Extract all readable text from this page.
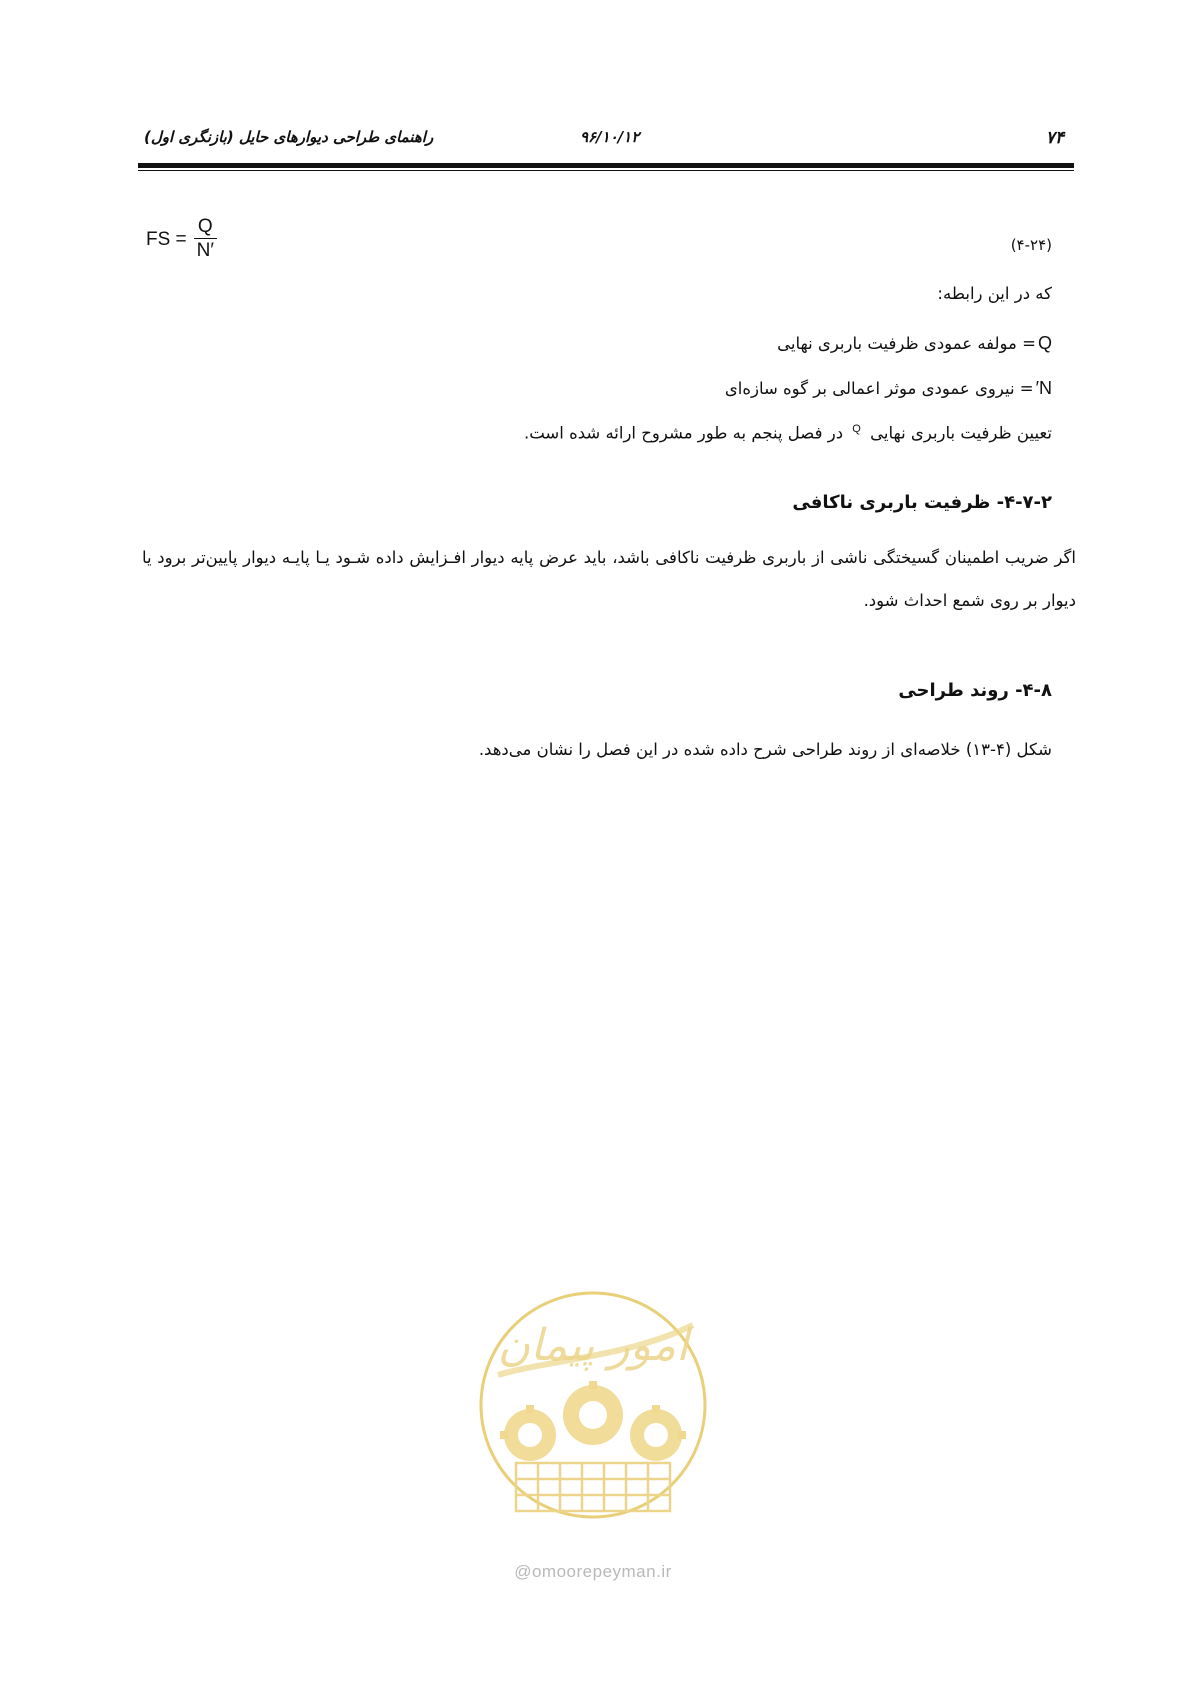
۷۴
۹۶/۱۰/۱۲
راهنمای طراحی دیوارهای حایل (بازنگری اول)
FS = $\frac{Q}{N'}$	(۴-۲۴)
که در این رابطه:
Q
= مولفه عمودی ظرفیت باربری نهایی
N′
= نیروی عمودی موثر اعمالی بر گوه سازه‌ای
تعیین ظرفیت باربری نهایی $^Q$ در فصل پنجم به طور مشروح ارائه شده است.
۴-۷-۲- ظرفیت باربری ناکافی
اگر ضریب اطمینان گسیختگی ناشی از باربری ظرفیت ناکافی باشد، باید عرض پایه دیوار افـزایش داده شـود یـا پایـه دیوار پایین‌تر برود یا دیوار بر روی شمع احداث شود.
۴-۸- روند طراحی
شکل (۴-۱۳) خلاصه‌ای از روند طراحی شرح داده شده در این فصل را نشان می‌دهد.
امور پیمان
@omoorepeyman.ir
